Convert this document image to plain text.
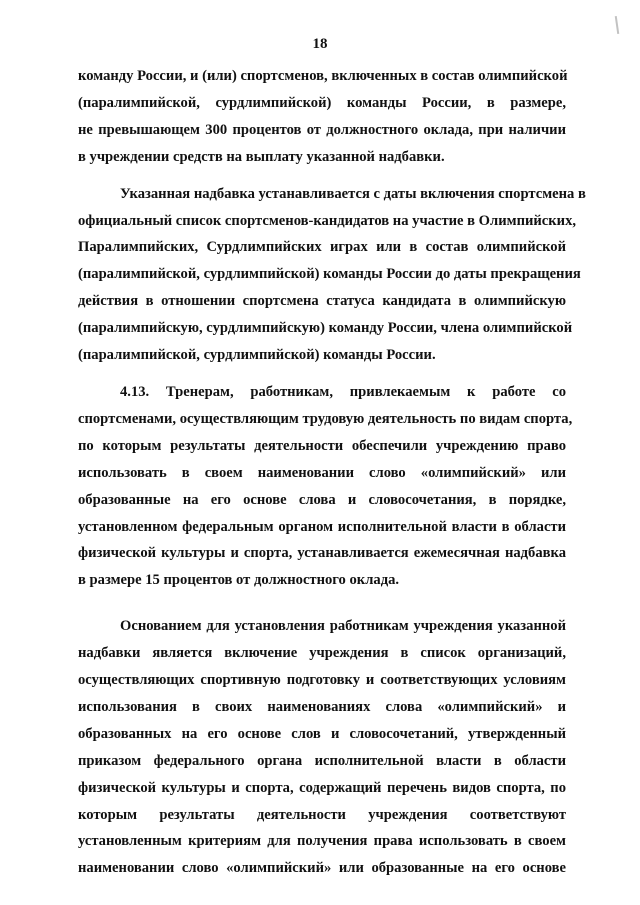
18

команду России, и (или) спортсменов, включенных в состав олимпийской
(паралимпийской, сурдлимпийской) команды России, в размере,
не превышающем 300 процентов от должностного оклада, при наличии
в учреждении средств на выплату указанной надбавки.

Указанная надбавка устанавливается с даты включения спортсмена в
официальный список спортсменов-кандидатов на участие в Олимпийских,
Паралимпийских, Сурдлимпийских играх или в состав олимпийской
(паралимпийской, сурдлимпийской) команды России до даты прекращения
действия в отношении спортсмена статуса кандидата в олимпийскую
(паралимпийскую, сурдлимпийскую) команду России, члена олимпийской
(паралимпийской, сурдлимпийской) команды России.

4.13. Тренерам, работникам, привлекаемым к работе со
спортсменами, осуществляющим трудовую деятельность по видам спорта,
по которым результаты деятельности обеспечили учреждению право
использовать в своем наименовании слово «олимпийский» или
образованные на его основе слова и словосочетания, в порядке,
установленном федеральным органом исполнительной власти в области
физической культуры и спорта, устанавливается ежемесячная надбавка
в размере 15 процентов от должностного оклада.

Основанием для установления работникам учреждения указанной
надбавки является включение учреждения в список организаций,
осуществляющих спортивную подготовку и соответствующих условиям
использования в своих наименованиях слова «олимпийский» и
образованных на его основе слов и словосочетаний, утвержденный
приказом федерального органа исполнительной власти в области
физической культуры и спорта, содержащий перечень видов спорта, по
которым результаты деятельности учреждения соответствуют
установленным критериям для получения права использовать в своем
наименовании слово «олимпийский» или образованные на его основе
